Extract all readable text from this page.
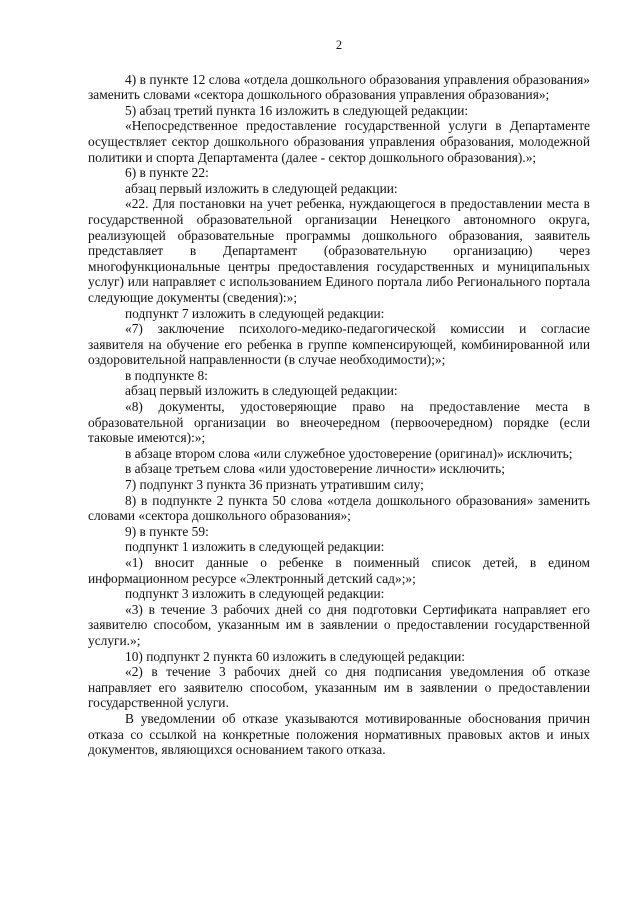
2

4) в пункте 12 слова «отдела дошкольного образования управления образования» заменить словами «сектора дошкольного образования управления образования»;

5) абзац третий пункта 16 изложить в следующей редакции:

«Непосредственное предоставление государственной услуги в Департаменте осуществляет сектор дошкольного образования управления образования, молодежной политики и спорта Департамента (далее - сектор дошкольного образования).»;

6) в пункте 22:

абзац первый изложить в следующей редакции:

«22. Для постановки на учет ребенка, нуждающегося в предоставлении места в государственной образовательной организации Ненецкого автономного округа, реализующей образовательные программы дошкольного образования, заявитель представляет в Департамент (образовательную организацию) через многофункциональные центры предоставления государственных и муниципальных услуг) или направляет с использованием Единого портала либо Регионального портала следующие документы (сведения):»;

подпункт 7 изложить в следующей редакции:

«7) заключение психолого-медико-педагогической комиссии и согласие заявителя на обучение его ребенка в группе компенсирующей, комбинированной или оздоровительной направленности (в случае необходимости);»;

в подпункте 8:

абзац первый изложить в следующей редакции:

«8) документы, удостоверяющие право на предоставление места в образовательной организации во внеочередном (первоочередном) порядке (если таковые имеются):»;

в абзаце втором слова «или служебное удостоверение (оригинал)» исключить;

в абзаце третьем слова «или удостоверение личности» исключить;

7) подпункт 3 пункта 36 признать утратившим силу;

8) в подпункте 2 пункта 50 слова «отдела дошкольного образования» заменить словами «сектора дошкольного образования»;

9) в пункте 59:

подпункт 1 изложить в следующей редакции:

«1) вносит данные о ребенке в поименный список детей, в едином информационном ресурсе «Электронный детский сад»;»;

подпункт 3 изложить в следующей редакции:

«3) в течение 3 рабочих дней со дня подготовки Сертификата направляет его заявителю способом, указанным им в заявлении о предоставлении государственной услуги.»;

10) подпункт 2 пункта 60 изложить в следующей редакции:

«2) в течение 3 рабочих дней со дня подписания уведомления об отказе направляет его заявителю способом, указанным им в заявлении о предоставлении государственной услуги.

В уведомлении об отказе указываются мотивированные обоснования причин отказа со ссылкой на конкретные положения нормативных правовых актов и иных документов, являющихся основанием такого отказа.
